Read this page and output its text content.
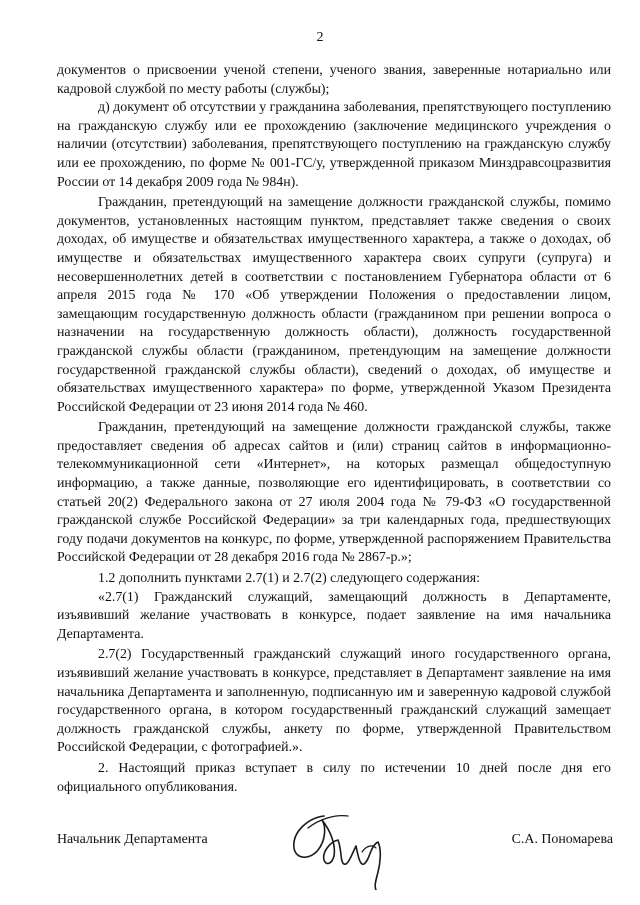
2

документов о присвоении ученой степени, ученого звания, заверенные нотариально или кадровой службой по месту работы (службы);

д) документ об отсутствии у гражданина заболевания, препятствующего поступлению на гражданскую службу или ее прохождению (заключение медицинского учреждения о наличии (отсутствии) заболевания, препятствующего поступлению на гражданскую службу или ее прохождению, по форме № 001-ГС/у, утвержденной приказом Минздравсоцразвития России от 14 декабря 2009 года № 984н).

Гражданин, претендующий на замещение должности гражданской службы, помимо документов, установленных настоящим пунктом, представляет также сведения о своих доходах, об имуществе и обязательствах имущественного характера, а также о доходах, об имуществе и обязательствах имущественного характера своих супруги (супруга) и несовершеннолетних детей в соответствии с постановлением Губернатора области от 6 апреля 2015 года № 170 «Об утверждении Положения о предоставлении лицом, замещающим государственную должность области (гражданином при решении вопроса о назначении на государственную должность области), должность государственной гражданской службы области (гражданином, претендующим на замещение должности государственной гражданской службы области), сведений о доходах, об имуществе и обязательствах имущественного характера» по форме, утвержденной Указом Президента Российской Федерации от 23 июня 2014 года № 460.

Гражданин, претендующий на замещение должности гражданской службы, также предоставляет сведения об адресах сайтов и (или) страниц сайтов в информационно-телекоммуникационной сети «Интернет», на которых размещал общедоступную информацию, а также данные, позволяющие его идентифицировать, в соответствии со статьей 20(2) Федерального закона от 27 июля 2004 года № 79-ФЗ «О государственной гражданской службе Российской Федерации» за три календарных года, предшествующих году подачи документов на конкурс, по форме, утвержденной распоряжением Правительства Российской Федерации от 28 декабря 2016 года № 2867-р.»;

1.2 дополнить пунктами 2.7(1) и 2.7(2) следующего содержания:

«2.7(1) Гражданский служащий, замещающий должность в Департаменте, изъявивший желание участвовать в конкурсе, подает заявление на имя начальника Департамента.

2.7(2) Государственный гражданский служащий иного государственного органа, изъявивший желание участвовать в конкурсе, представляет в Департамент заявление на имя начальника Департамента и заполненную, подписанную им и заверенную кадровой службой государственного органа, в котором государственный гражданский служащий замещает должность гражданской службы, анкету по форме, утвержденной Правительством Российской Федерации, с фотографией.».

2. Настоящий приказ вступает в силу по истечении 10 дней после дня его официального опубликования.

Начальник Департамента	С.А. Пономарева
